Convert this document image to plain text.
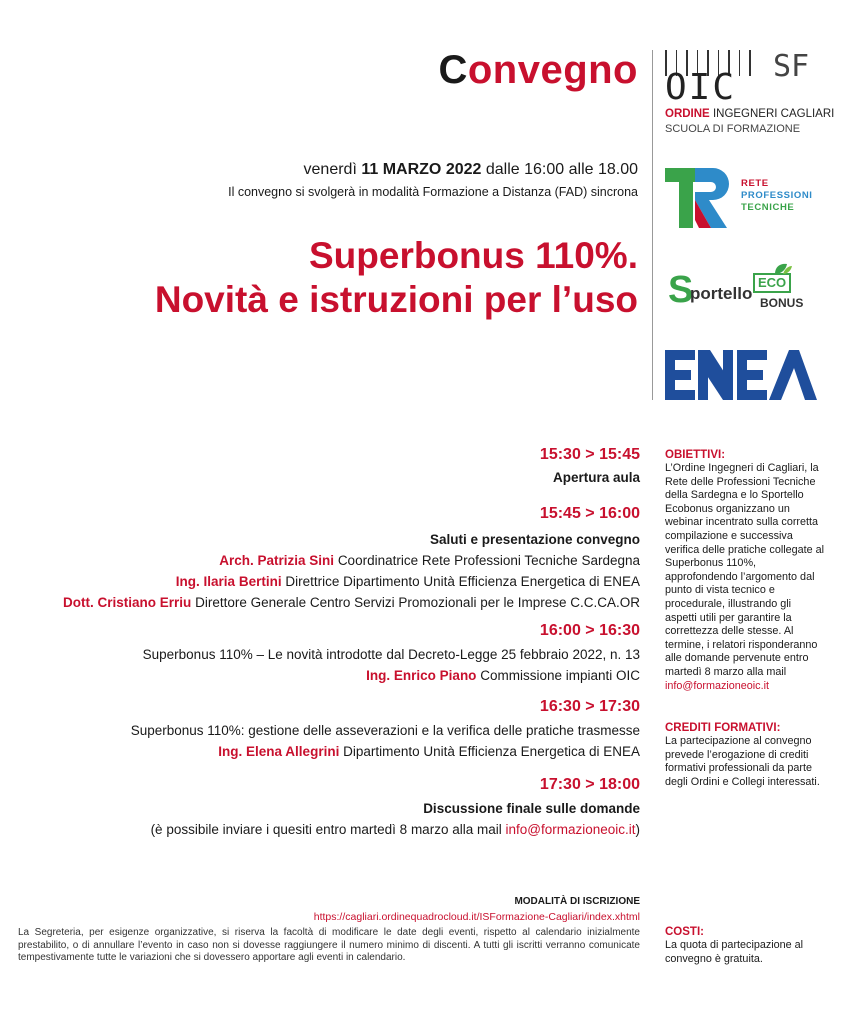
Convegno
venerdì 11 MARZO 2022 dalle 16:00 alle 18.00
Il convegno si svolgerà in modalità Formazione a Distanza (FAD) sincrona
Superbonus 110%.
Novità e istruzioni per l’uso
OIC
SF
ORDINE INGEGNERI CAGLIARI
SCUOLA DI FORMAZIONE
RETE
PROFESSIONI
TECNICHE
S
portello
ECO
BONUS
15:30 > 15:45
Apertura aula
15:45 > 16:00
Saluti e presentazione convegno
Arch. Patrizia Sini Coordinatrice Rete Professioni Tecniche Sardegna
Ing. Ilaria Bertini Direttrice Dipartimento Unità Efficienza Energetica di ENEA
Dott. Cristiano Erriu Direttore Generale Centro Servizi Promozionali per le Imprese C.C.CA.OR
16:00 > 16:30
Superbonus 110% – Le novità introdotte dal Decreto-Legge 25 febbraio 2022, n. 13
Ing. Enrico Piano Commissione impianti OIC
16:30 > 17:30
Superbonus 110%: gestione delle asseverazioni e la verifica delle pratiche trasmesse
Ing. Elena Allegrini Dipartimento Unità Efficienza Energetica di ENEA
17:30 > 18:00
Discussione finale sulle domande
(è possibile inviare i quesiti entro martedì 8 marzo alla mail info@formazioneoic.it)
OBIETTIVI:
L’Ordine Ingegneri di Cagliari, la Rete delle Professioni Tecniche della Sardegna e lo Sportello Ecobonus organizzano un webinar incentrato sulla corretta compilazione e successiva verifica delle pratiche collegate al Superbonus 110%, approfondendo l’argomento dal punto di vista tecnico e procedurale, illustrando gli aspetti utili per garantire la correttezza delle stesse. Al termine, i relatori risponderanno alle domande pervenute entro martedì 8 marzo alla mail info@formazioneoic.it
CREDITI FORMATIVI:
La partecipazione al convegno prevede l’erogazione di crediti formativi professionali da parte degli Ordini e Collegi interessati.
MODALITÀ DI ISCRIZIONE
https://cagliari.ordinequadrocloud.it/ISFormazione-Cagliari/index.xhtml
La Segreteria, per esigenze organizzative, si riserva la facoltà di modificare le date degli eventi, rispetto al calendario inizialmente prestabilito, o di annullare l’evento in caso non si dovesse raggiungere il numero minimo di discenti. A tutti gli iscritti verranno comunicate tempestivamente tutte le variazioni che si dovessero apportare agli eventi in calendario.
COSTI:
La quota di partecipazione al convegno è gratuita.
